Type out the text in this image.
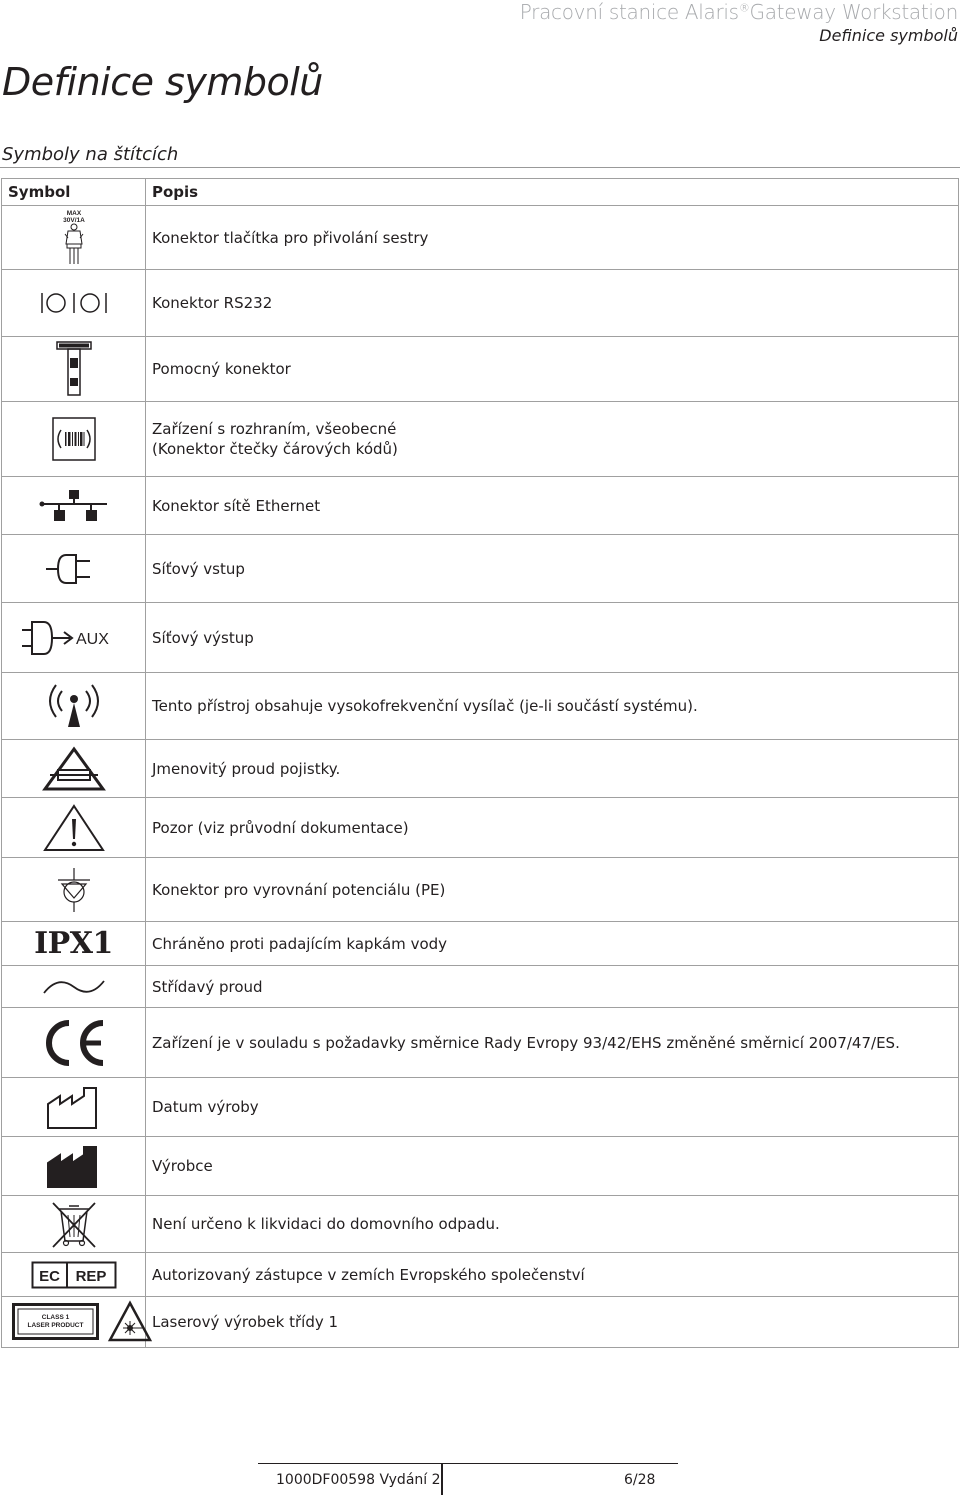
Pracovní stanice Alaris®Gateway Workstation
Definice symbolů
Definice symbolů
Symboly na štítcích
Symbol	Popis

MAX
30V/1A	Konektor tlačítka pro přivolání sestry

	Konektor RS232

	Pomocný konektor

	Zařízení s rozhraním, všeobecné
(Konektor čtečky čárových kódů)

	Konektor sítě Ethernet

	Síťový vstup

AUX	Síťový výstup

	Tento přístroj obsahuje vysokofrekvenční vysílač (je-li součástí systému).

	Jmenovitý proud pojistky.

	Pozor (viz průvodní dokumentace)

	Konektor pro vyrovnání potenciálu (PE)
IPX1	Chráněno proti padajícím kapkám vody

	Střídavý proud

	Zařízení je v souladu s požadavky směrnice Rady Evropy 93/42/EHS změněné směrnicí 2007/47/ES.

	Datum výroby

	Výrobce

	Není určeno k likvidaci do domovního odpadu.

EC REP	Autorizovaný zástupce v zemích Evropského společenství

CLASS 1
LASER PRODUCT	Laserový výrobek třídy 1
1000DF00598 Vydání 2	6/28
